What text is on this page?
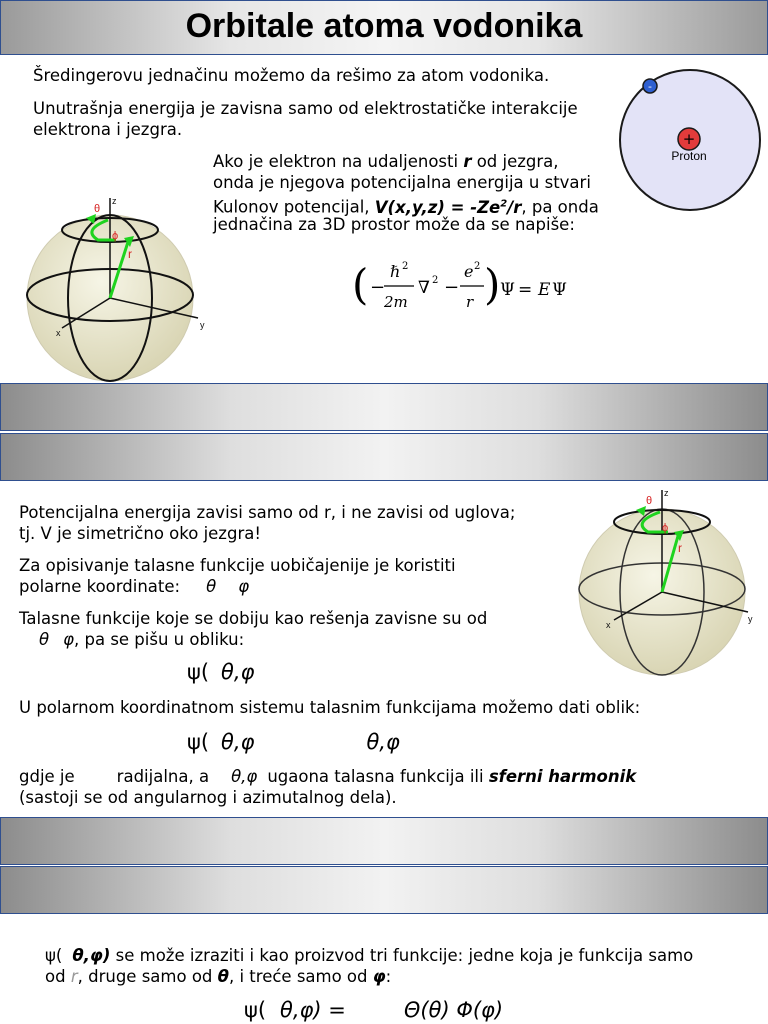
Orbitale atoma vodonika
Šredingerovu jednačinu možemo da rešimo za atom vodonika.
Unutrašnja energija je zavisna samo od elektrostatičke interakcije
elektrona i jezgra.
Ako je elektron na udaljenosti r od jezgra,
onda je njegova potencijalna energija u stvari
Kulonov potencijal, $V(x,y,z) = -Ze^2/r$, pa onda
jednačina za 3D prostor može da se napiše:
+
Proton
-
θ
ϕ
r
z
y
x
( −
ℏ 2
2m
∇ 2 −
e 2
r ) Ψ = E Ψ
Potencijalna energija zavisi samo od r, i ne zavisi od uglova;
tj. V je simetrično oko jezgra!
Za opisivanje talasne funkcije uobičajenije je koristiti
polarne koordinate: θ φ
Talasne funkcije koje se dobiju kao rešenja zavisne su od
θ φ, pa se pišu u obliku:
ψ( θ,φ
U polarnom koordinatnom sistemu talasnim funkcijama možemo dati oblik:
ψ( θ,φ	θ,φ
gdje je	radijalna, a θ,φ ugaona talasna funkcija ili sferni harmonik
(sastoji se od angularnog i azimutalnog dela).
θ
ϕ
r
z
y
x
ψ( θ,φ) se može izraziti i kao proizvod tri funkcije: jedne koja je funkcija samo
od r, druge samo od θ, i treće samo od φ:
ψ( θ,φ) =	Θ(θ) Φ(φ)
